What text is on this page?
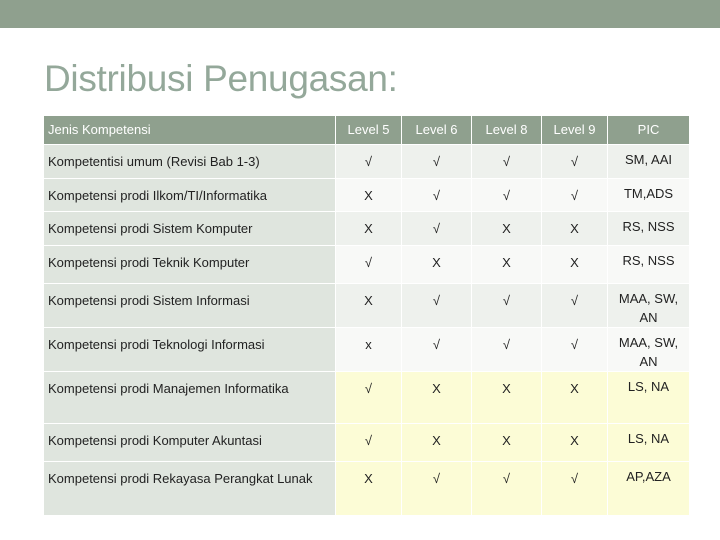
Distribusi Penugasan:
Jenis Kompetensi	Level 5	Level 6	Level 8	Level 9	PIC

Kompetentisi umum (Revisi Bab 1-3)	√	√	√	√	SM, AAI

Kompetensi prodi Ilkom/TI/Informatika	X	√	√	√	TM,ADS

Kompetensi prodi Sistem Komputer	X	√	X	X	RS, NSS

Kompetensi prodi Teknik Komputer	√	X	X	X	RS, NSS

Kompetensi prodi Sistem Informasi	X	√	√	√	MAA, SW, AN

Kompetensi prodi Teknologi Informasi	x	√	√	√	MAA, SW, AN

Kompetensi prodi Manajemen Informatika	√	X	X	X	LS, NA

Kompetensi prodi Komputer Akuntasi	√	X	X	X	LS, NA

Kompetensi prodi Rekayasa Perangkat Lunak	X	√	√	√	AP,AZA
